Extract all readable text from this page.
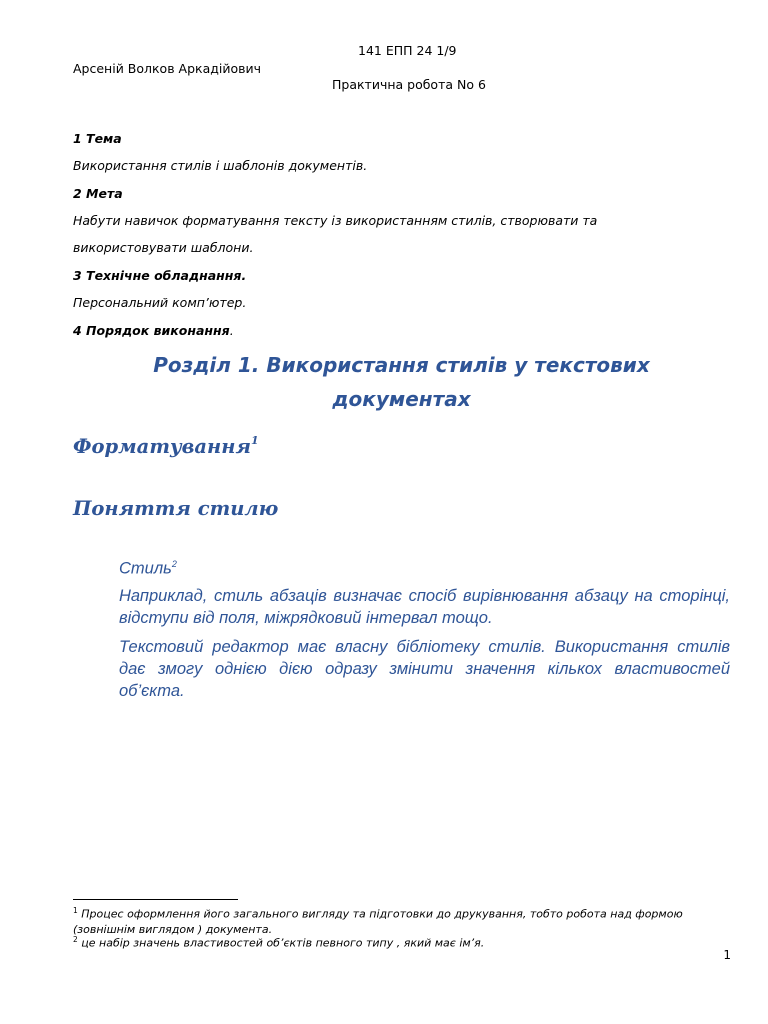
141 ЕПП 24 1/9
Арсеній Волков Аркадійович
Практична робота No 6
1 Тема
Використання стилів і шаблонів документів.
2 Мета
Набути навичок форматування тексту із використанням стилів, створювати та
використовувати шаблони.
3 Технічне обладнання.
Персональний комп’ютер.
4 Порядок виконання.
Розділ 1. Використання стилів у текстових
документах
Форматування$^1$
Поняття стилю
Стиль$^2$
Наприклад, стиль абзаців визначає спосіб вирівнювання абзацу на сторінці, відступи від поля, міжрядковий інтервал тощо.
Текстовий редактор має власну бібліотеку стилів. Використання стилів дає змогу однією дією одразу змінити значення кількох властивостей об’єкта.
$^1$ Процес оформлення його загального вигляду та підготовки до друкування, тобто робота над формою (зовнішнім виглядом ) документа.
$^2$ це набір значень властивостей об’єктів певного типу , який має ім’я.
1
